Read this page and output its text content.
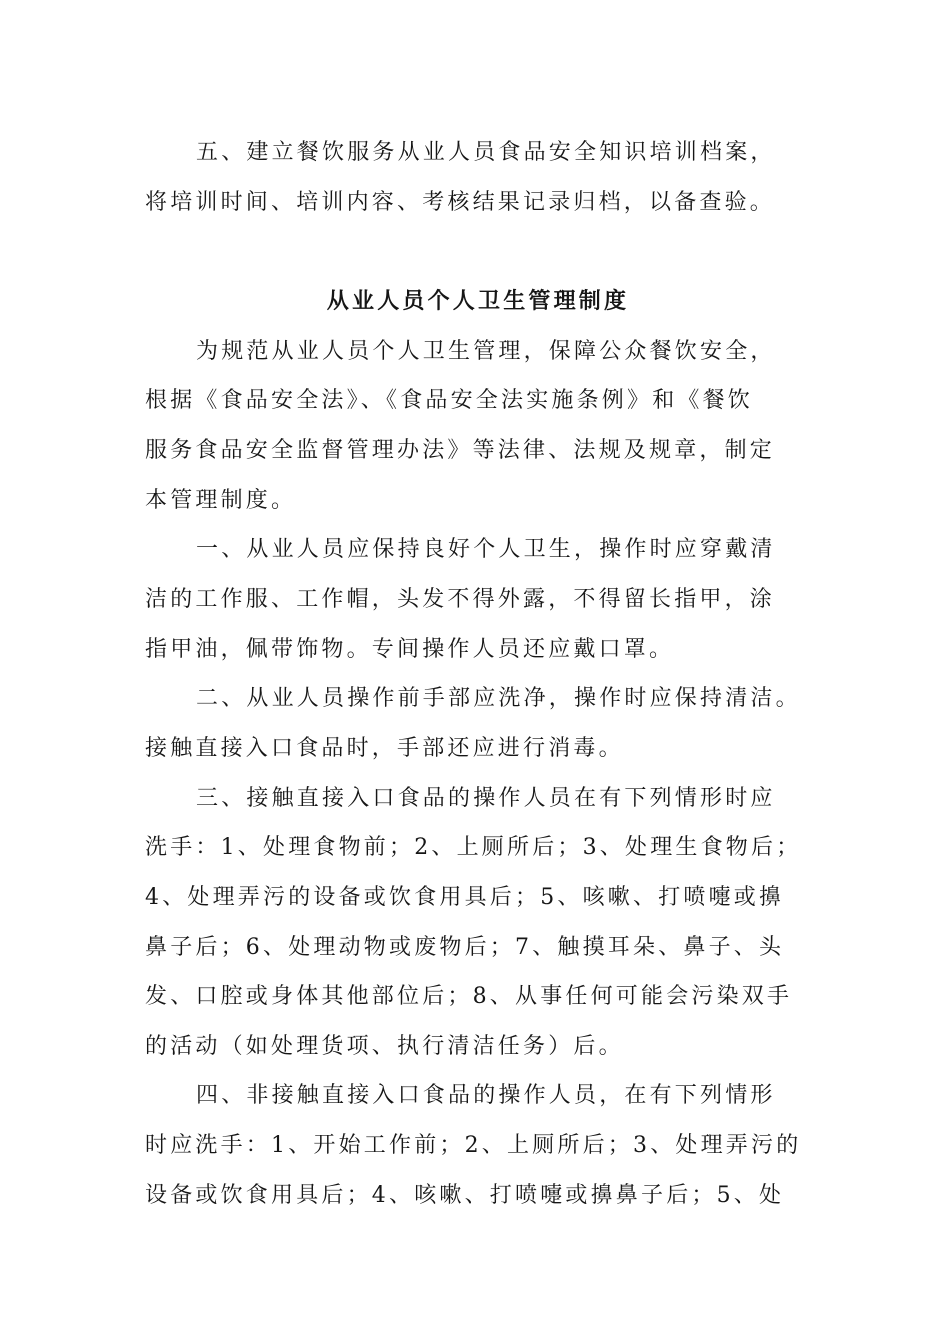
五、建立餐饮服务从业人员食品安全知识培训档案，
将培训时间、培训内容、考核结果记录归档，以备查验。
从业人员个人卫生管理制度
为规范从业人员个人卫生管理，保障公众餐饮安全，
根据《食品安全法》、《食品安全法实施条例》和《餐饮
服务食品安全监督管理办法》等法律、法规及规章，制定
本管理制度。
一、从业人员应保持良好个人卫生，操作时应穿戴清
洁的工作服、工作帽，头发不得外露，不得留长指甲，涂
指甲油，佩带饰物。专间操作人员还应戴口罩。
二、从业人员操作前手部应洗净，操作时应保持清洁。
接触直接入口食品时，手部还应进行消毒。
三、接触直接入口食品的操作人员在有下列情形时应
洗手：1、处理食物前；2、上厕所后；3、处理生食物后；
4、处理弄污的设备或饮食用具后；5、咳嗽、打喷嚏或擤
鼻子后；6、处理动物或废物后；7、触摸耳朵、鼻子、头
发、口腔或身体其他部位后；8、从事任何可能会污染双手
的活动（如处理货项、执行清洁任务）后。
四、非接触直接入口食品的操作人员，在有下列情形
时应洗手：1、开始工作前；2、上厕所后；3、处理弄污的
设备或饮食用具后；4、咳嗽、打喷嚏或擤鼻子后；5、处
